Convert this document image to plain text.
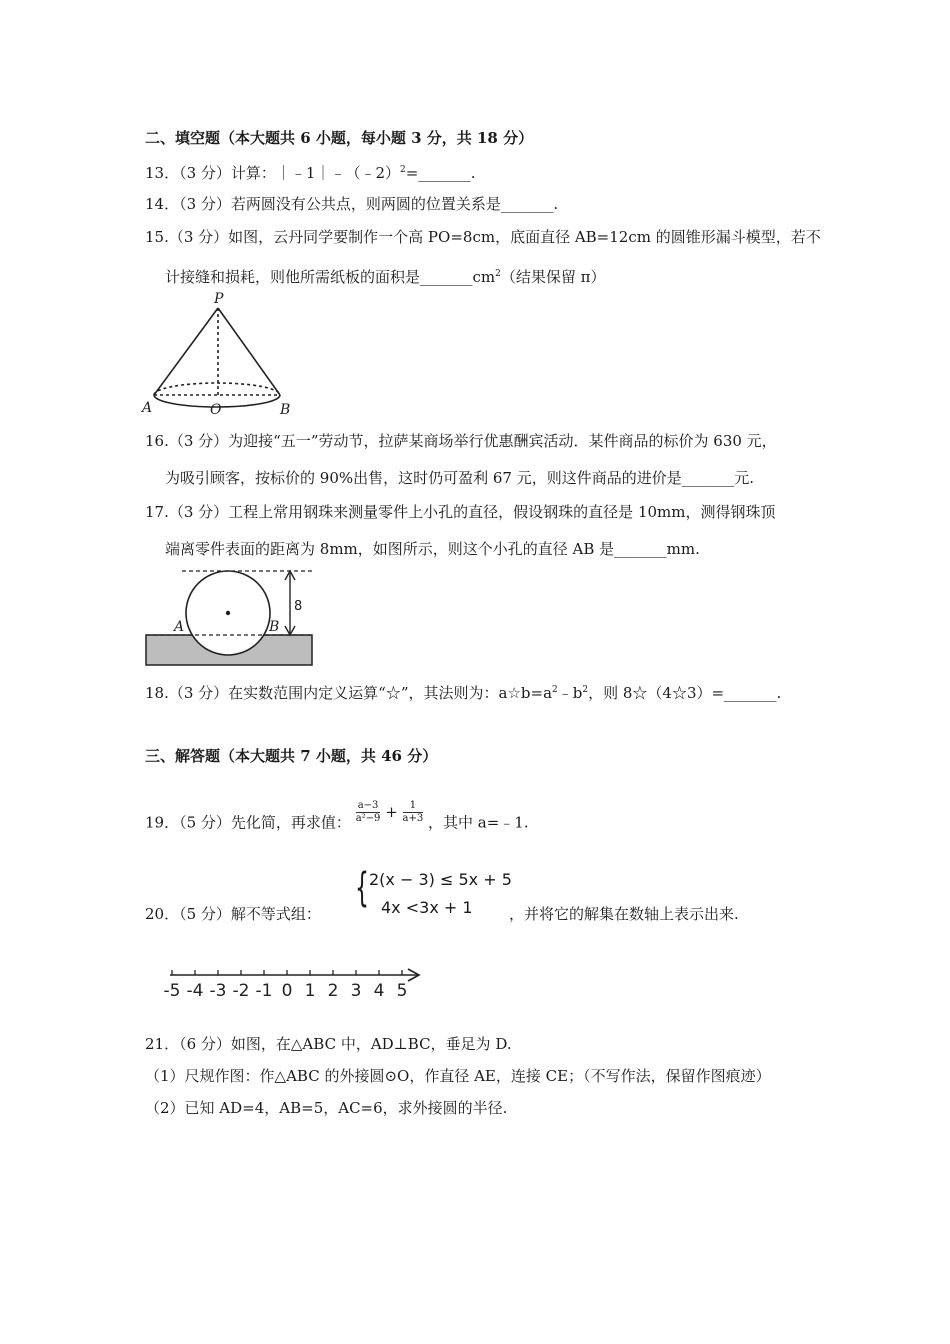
二、填空题（本大题共 6 小题，每小题 3 分，共 18 分）
13．（3 分）计算：｜﹣1｜﹣（﹣2）$^2$=_______.
14．（3 分）若两圆没有公共点，则两圆的位置关系是_______.
15.（3 分）如图，云丹同学要制作一个高 PO=8cm，底面直径 AB=12cm 的圆锥形漏斗模型，若不
计接缝和损耗，则他所需纸板的面积是$\_\_\_\_\_\_\_cm^2$（结果保留 π）
P
O
A	B
16.（3 分）为迎接“五一”劳动节，拉萨某商场举行优惠酬宾活动．某件商品的标价为 630 元，
为吸引顾客，按标价的 90%出售，这时仍可盈利 67 元，则这件商品的进价是_______元.
17.（3 分）工程上常用钢珠来测量零件上小孔的直径，假设钢珠的直径是 10mm，测得钢珠顶
端离零件表面的距离为 8mm，如图所示，则这个小孔的直径 AB 是_______mm.
A	B
8
18.（3 分）在实数范围内定义运算“☆”，其法则为：$a☆b=a^2﹣b^2$，则 8☆（4☆3）=_______.
三、解答题（本大题共 7 小题，共 46 分）
19．（5 分）先化简，再求值： $\frac{a-3}{\text{a²−9}} + \frac{1}{a+3}$ ，其中 a=﹣1.
20．（5 分）解不等式组：
{ 2(x − 3) ≤ 5x + 5
4x <3x + 1 ，并将它的解集在数轴上表示出来.
-5 -4 -3 -2 -1 0 1 2 3 4 5
21．（6 分）如图，在△ABC 中，AD⊥BC，垂足为 D.
（1）尺规作图：作△ABC 的外接圆⊙O，作直径 AE，连接 CE；（不写作法，保留作图痕迹）
（2）已知 AD=4，AB=5，AC=6，求外接圆的半径.
